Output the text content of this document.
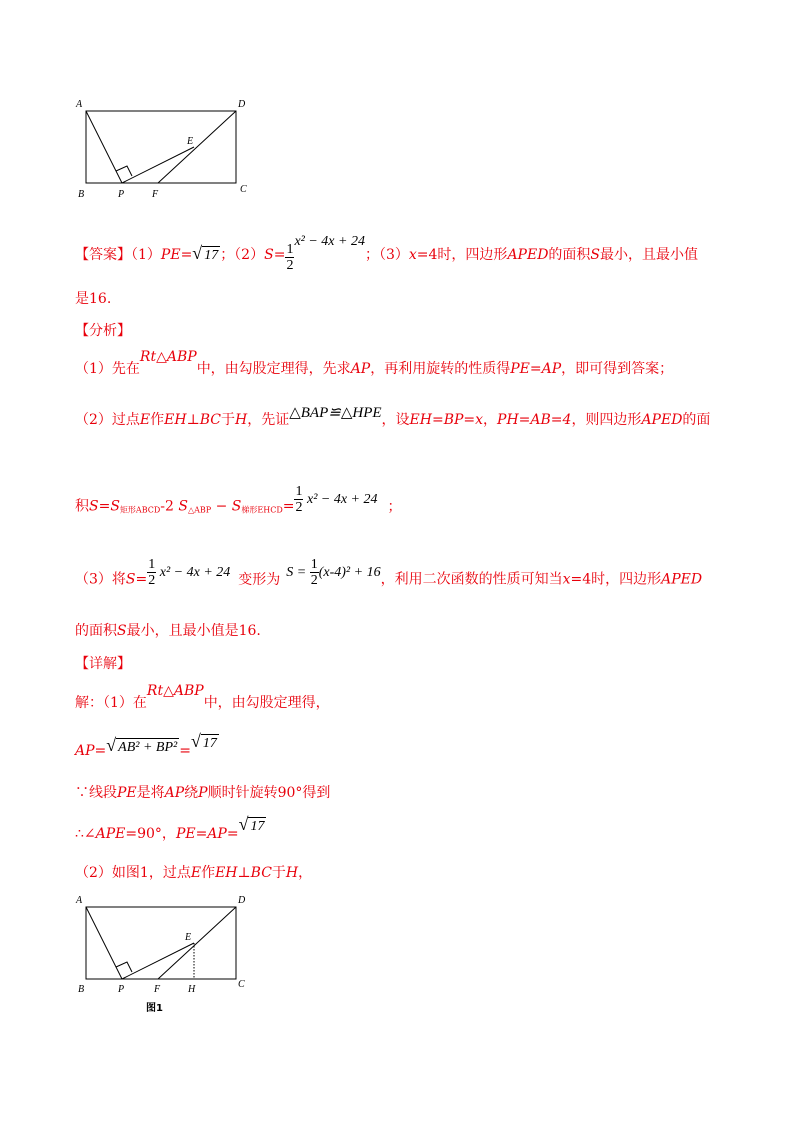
A	D
B	C
E
P	F
【答案】（1）PE=√ 17 ；$(2)S= \frac{1}{2}$
x² − 4x + 24；（3）x=4时，四边形APED的面积S最小，且最小值
是16.
【分析】
（1）先在Rt△ABP中，由勾股定理得，先求AP，再利用旋转的性质得PE=AP，即可得到答案；
（2）过点E作EH⊥BC于H，先证△BAP≌△HPE，设EH=BP=x，PH=AB=4，则四边形APED的面
积$S=S_{矩形ABCD}-2$ $S_{\triangle ABP} - S_{梯形EHCD}= \frac{1}{2} x^2 - 4x + 24$ ；
（3）将$S= \frac{1}{2} x^2 - 4x + 24$ 变形为 $S = \frac{1}{2} (x-4)^2 + 16$，利用二次函数的性质可知当x=4时，四边形APED
的面积S最小，且最小值是16.
【详解】
解：（1）在Rt△ABP中，由勾股定理得，
AP=√ AB² + BP² =√ 17
∵线段PE是将AP绕P顺时针旋转90°得到
∴∠APE=90°，PE=AP=√ 17
（2）如图1，过点E作EH⊥BC于H，
A	D
B	C
E
P	F	H
图1
